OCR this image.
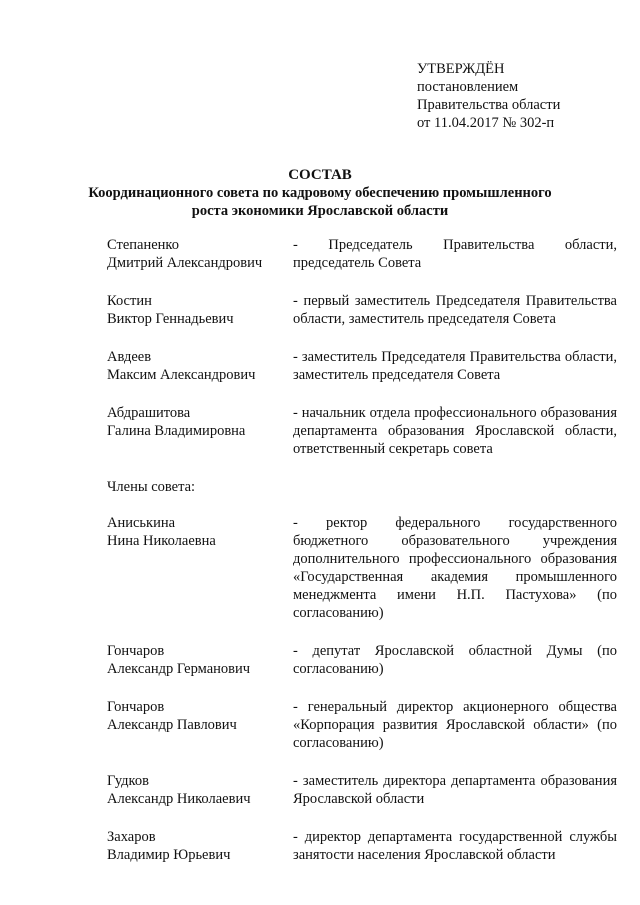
УТВЕРЖДЁН
постановлением
Правительства области
от 11.04.2017 № 302-п
СОСТАВ
Координационного совета по кадровому обеспечению промышленного
роста экономики Ярославской области
Степаненко
Дмитрий Александрович
- Председатель Правительства области, председатель Совета
Костин
Виктор Геннадьевич
- первый заместитель Председателя Правительства области, заместитель председателя Совета
Авдеев
Максим Александрович
- заместитель Председателя Правительства области, заместитель председателя Совета
Абдрашитова
Галина Владимировна
- начальник отдела профессионального образования департамента образования Ярославской области, ответственный секретарь совета
Члены совета:
Аниськина
Нина Николаевна
- ректор федерального государственного бюджетного образовательного учреждения дополнительного профессионального образования «Государственная академия промышленного менеджмента имени Н.П. Пастухова» (по согласованию)
Гончаров
Александр Германович
- депутат Ярославской областной Думы (по согласованию)
Гончаров
Александр Павлович
- генеральный директор акционерного общества «Корпорация развития Ярославской области» (по согласованию)
Гудков
Александр Николаевич
- заместитель директора департамента образования Ярославской области
Захаров
Владимир Юрьевич
- директор департамента государственной службы занятости населения Ярославской области
